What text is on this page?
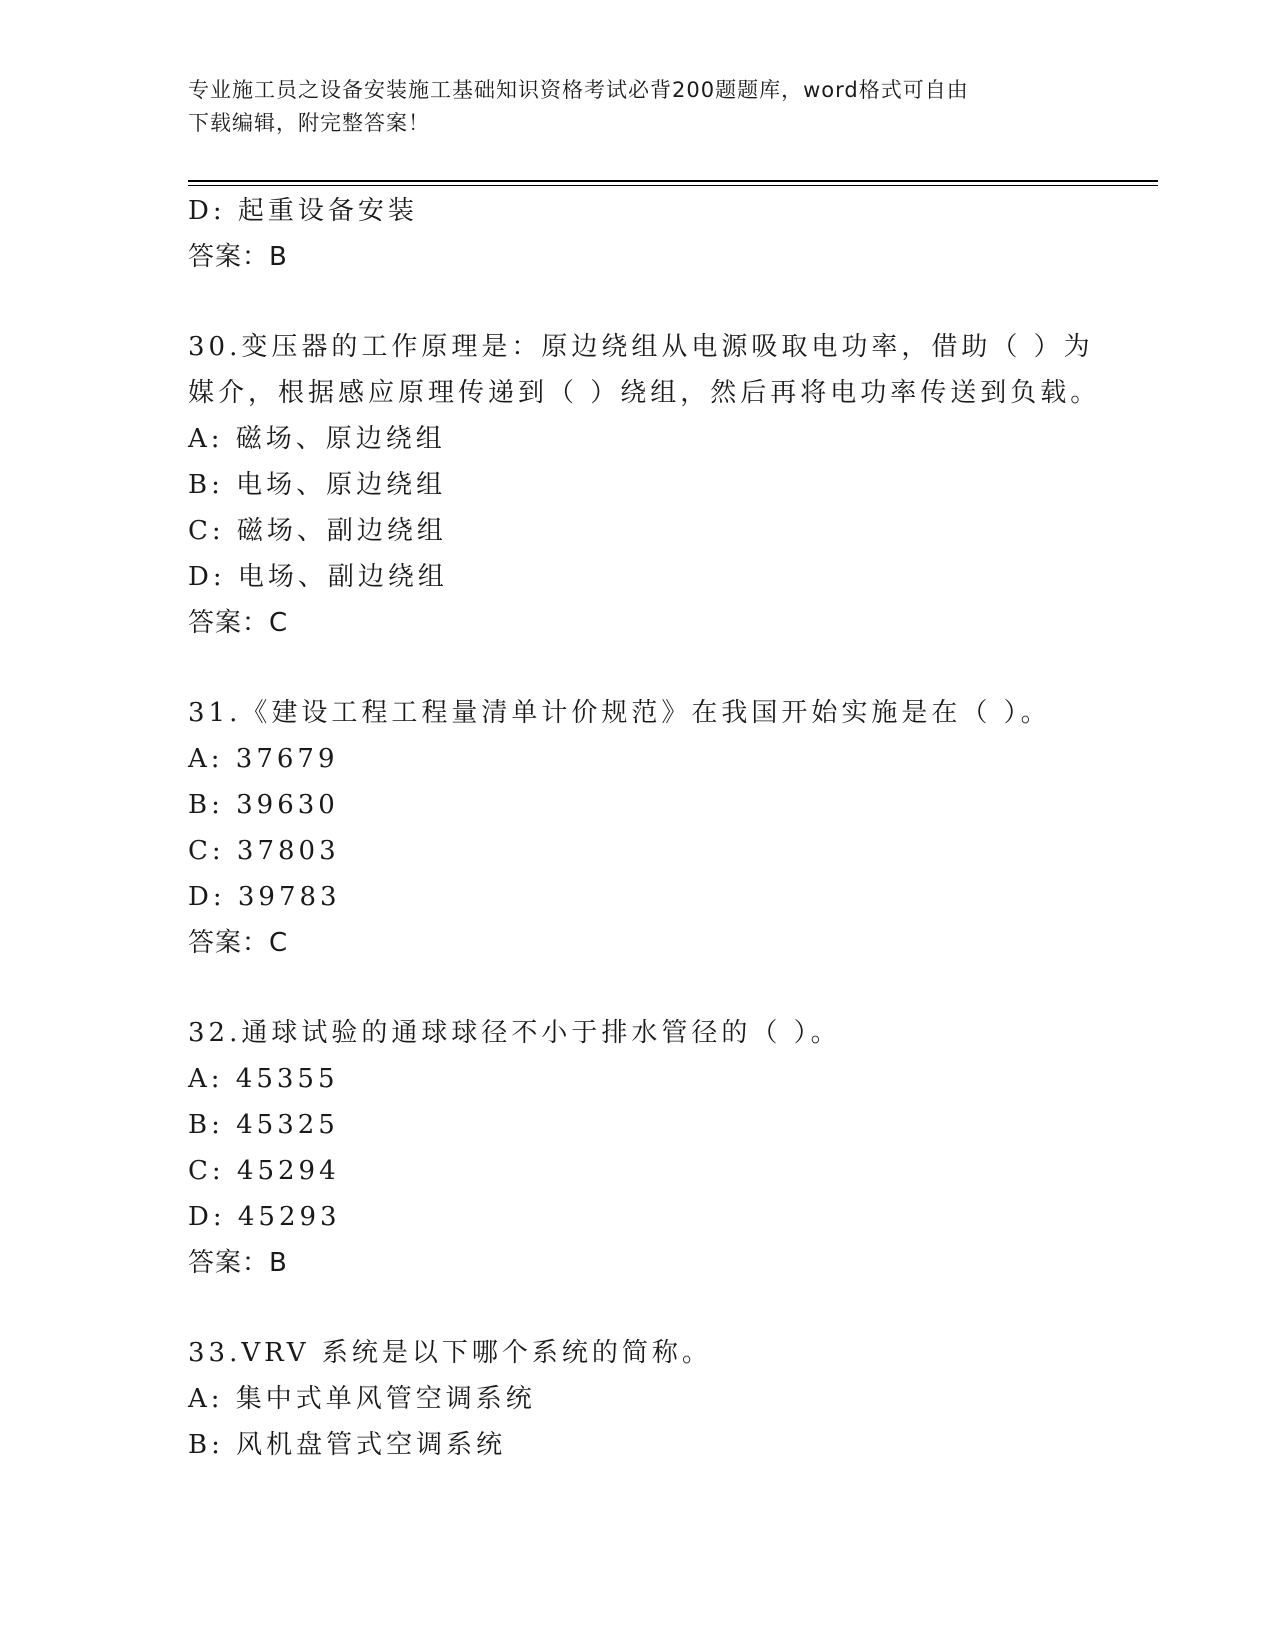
专业施工员之设备安装施工基础知识资格考试必背200题题库，word格式可自由
下载编辑，附完整答案！
D: 起重设备安装
答案：B
30.变压器的工作原理是：原边绕组从电源吸取电功率，借助（ ）为
媒介，根据感应原理传递到（ ）绕组，然后再将电功率传送到负载。
A: 磁场、原边绕组
B: 电场、原边绕组
C: 磁场、副边绕组
D: 电场、副边绕组
答案：C
31.《建设工程工程量清单计价规范》在我国开始实施是在（ ）。
A: 37679
B: 39630
C: 37803
D: 39783
答案：C
32.通球试验的通球球径不小于排水管径的（ ）。
A: 45355
B: 45325
C: 45294
D: 45293
答案：B
33.VRV 系统是以下哪个系统的简称。
A: 集中式单风管空调系统
B: 风机盘管式空调系统
